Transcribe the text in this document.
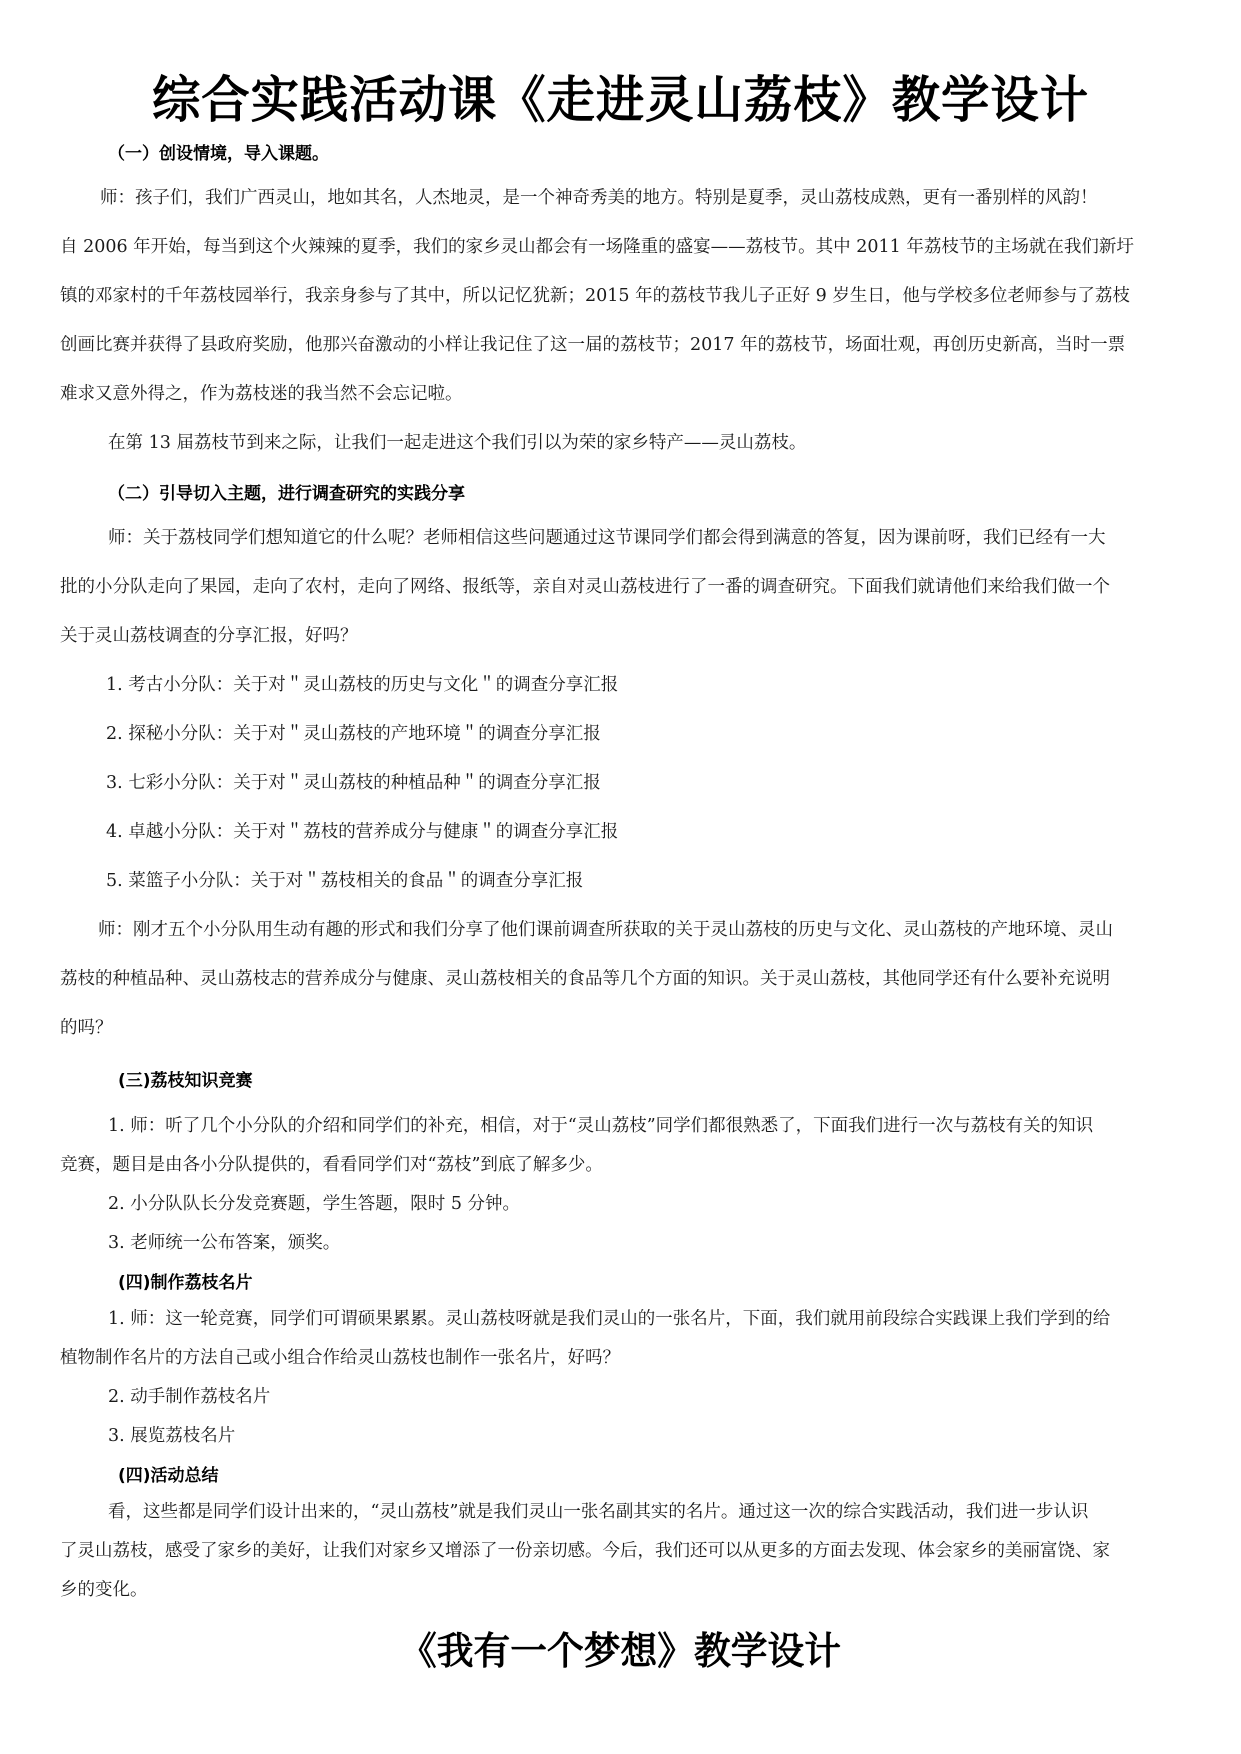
综合实践活动课《走进灵山荔枝》教学设计
（一）创设情境，导入课题。
师：孩子们，我们广西灵山，地如其名，人杰地灵，是一个神奇秀美的地方。特别是夏季，灵山荔枝成熟，更有一番别样的风韵！
自 2006 年开始，每当到这个火辣辣的夏季，我们的家乡灵山都会有一场隆重的盛宴——荔枝节。其中 2011 年荔枝节的主场就在我们新圩
镇的邓家村的千年荔枝园举行，我亲身参与了其中，所以记忆犹新；2015 年的荔枝节我儿子正好 9 岁生日，他与学校多位老师参与了荔枝
创画比赛并获得了县政府奖励，他那兴奋激动的小样让我记住了这一届的荔枝节；2017 年的荔枝节，场面壮观，再创历史新高，当时一票
难求又意外得之，作为荔枝迷的我当然不会忘记啦。
在第 13 届荔枝节到来之际，让我们一起走进这个我们引以为荣的家乡特产——灵山荔枝。
（二）引导切入主题，进行调查研究的实践分享
师：关于荔枝同学们想知道它的什么呢？老师相信这些问题通过这节课同学们都会得到满意的答复，因为课前呀，我们已经有一大
批的小分队走向了果园，走向了农村，走向了网络、报纸等，亲自对灵山荔枝进行了一番的调查研究。下面我们就请他们来给我们做一个
关于灵山荔枝调查的分享汇报，好吗？
1. 考古小分队：关于对＂灵山荔枝的历史与文化＂的调查分享汇报
2. 探秘小分队：关于对＂灵山荔枝的产地环境＂的调查分享汇报
3. 七彩小分队：关于对＂灵山荔枝的种植品种＂的调查分享汇报
4. 卓越小分队：关于对＂荔枝的营养成分与健康＂的调查分享汇报
5. 菜篮子小分队：关于对＂荔枝相关的食品＂的调查分享汇报
师：刚才五个小分队用生动有趣的形式和我们分享了他们课前调查所获取的关于灵山荔枝的历史与文化、灵山荔枝的产地环境、灵山
荔枝的种植品种、灵山荔枝志的营养成分与健康、灵山荔枝相关的食品等几个方面的知识。关于灵山荔枝，其他同学还有什么要补充说明
的吗？
(三)荔枝知识竞赛
1. 师：听了几个小分队的介绍和同学们的补充，相信，对于“灵山荔枝”同学们都很熟悉了，下面我们进行一次与荔枝有关的知识
竞赛，题目是由各小分队提供的，看看同学们对“荔枝”到底了解多少。
2. 小分队队长分发竞赛题，学生答题，限时 5 分钟。
3. 老师统一公布答案，颁奖。
(四)制作荔枝名片
1. 师：这一轮竞赛，同学们可谓硕果累累。灵山荔枝呀就是我们灵山的一张名片，下面，我们就用前段综合实践课上我们学到的给
植物制作名片的方法自己或小组合作给灵山荔枝也制作一张名片，好吗？
2. 动手制作荔枝名片
3. 展览荔枝名片
(四)活动总结
看，这些都是同学们设计出来的，“灵山荔枝”就是我们灵山一张名副其实的名片。通过这一次的综合实践活动，我们进一步认识
了灵山荔枝，感受了家乡的美好，让我们对家乡又增添了一份亲切感。今后，我们还可以从更多的方面去发现、体会家乡的美丽富饶、家
乡的变化。
《我有一个梦想》教学设计
